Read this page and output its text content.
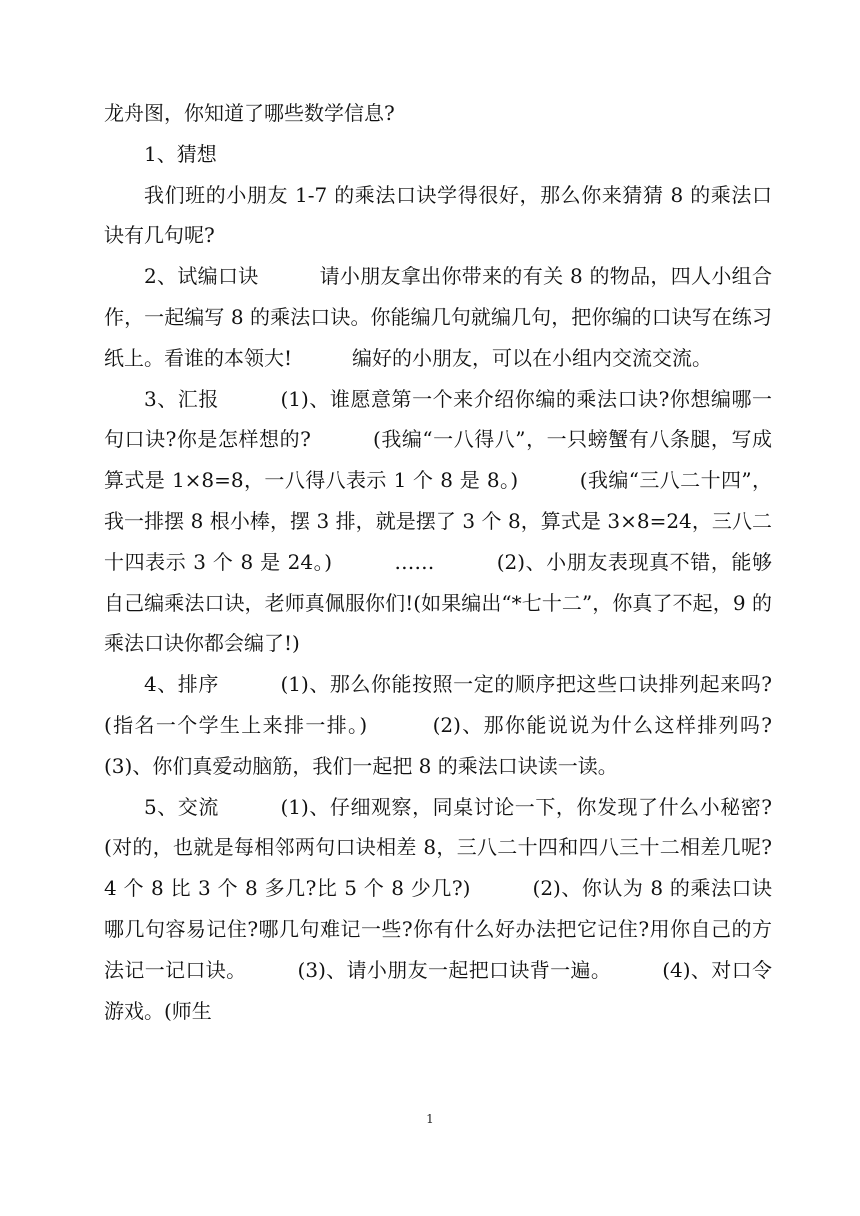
龙舟图，你知道了哪些数学信息?

1、猜想

我们班的小朋友 1-7 的乘法口诀学得很好，那么你来猜猜 8 的乘法口诀有几句呢?

2、试编口诀　　　请小朋友拿出你带来的有关 8 的物品，四人小组合作，一起编写 8 的乘法口诀。你能编几句就编几句，把你编的口诀写在练习纸上。看谁的本领大!　　　编好的小朋友，可以在小组内交流交流。

3、汇报　　　(1)、谁愿意第一个来介绍你编的乘法口诀?你想编哪一句口诀?你是怎样想的?　　　(我编“一八得八”，一只螃蟹有八条腿，写成算式是 1×8=8，一八得八表示 1 个 8 是 8。)　　　(我编“三八二十四”，我一排摆 8 根小棒，摆 3 排，就是摆了 3 个 8，算式是 3×8=24，三八二十四表示 3 个 8 是 24。)　　　……　　　(2)、小朋友表现真不错，能够自己编乘法口诀，老师真佩服你们!(如果编出“*七十二”，你真了不起，9 的乘法口诀你都会编了!)

4、排序　　　(1)、那么你能按照一定的顺序把这些口诀排列起来吗?(指名一个学生上来排一排。)　　　(2)、那你能说说为什么这样排列吗?　　　(3)、你们真爱动脑筋，我们一起把 8 的乘法口诀读一读。

5、交流　　　(1)、仔细观察，同桌讨论一下，你发现了什么小秘密?(对的，也就是每相邻两句口诀相差 8，三八二十四和四八三十二相差几呢?4 个 8 比 3 个 8 多几?比 5 个 8 少几?)　　　(2)、你认为 8 的乘法口诀哪几句容易记住?哪几句难记一些?你有什么好办法把它记住?用你自己的方法记一记口诀。　　　(3)、请小朋友一起把口诀背一遍。　　　(4)、对口令游戏。(师生

1
